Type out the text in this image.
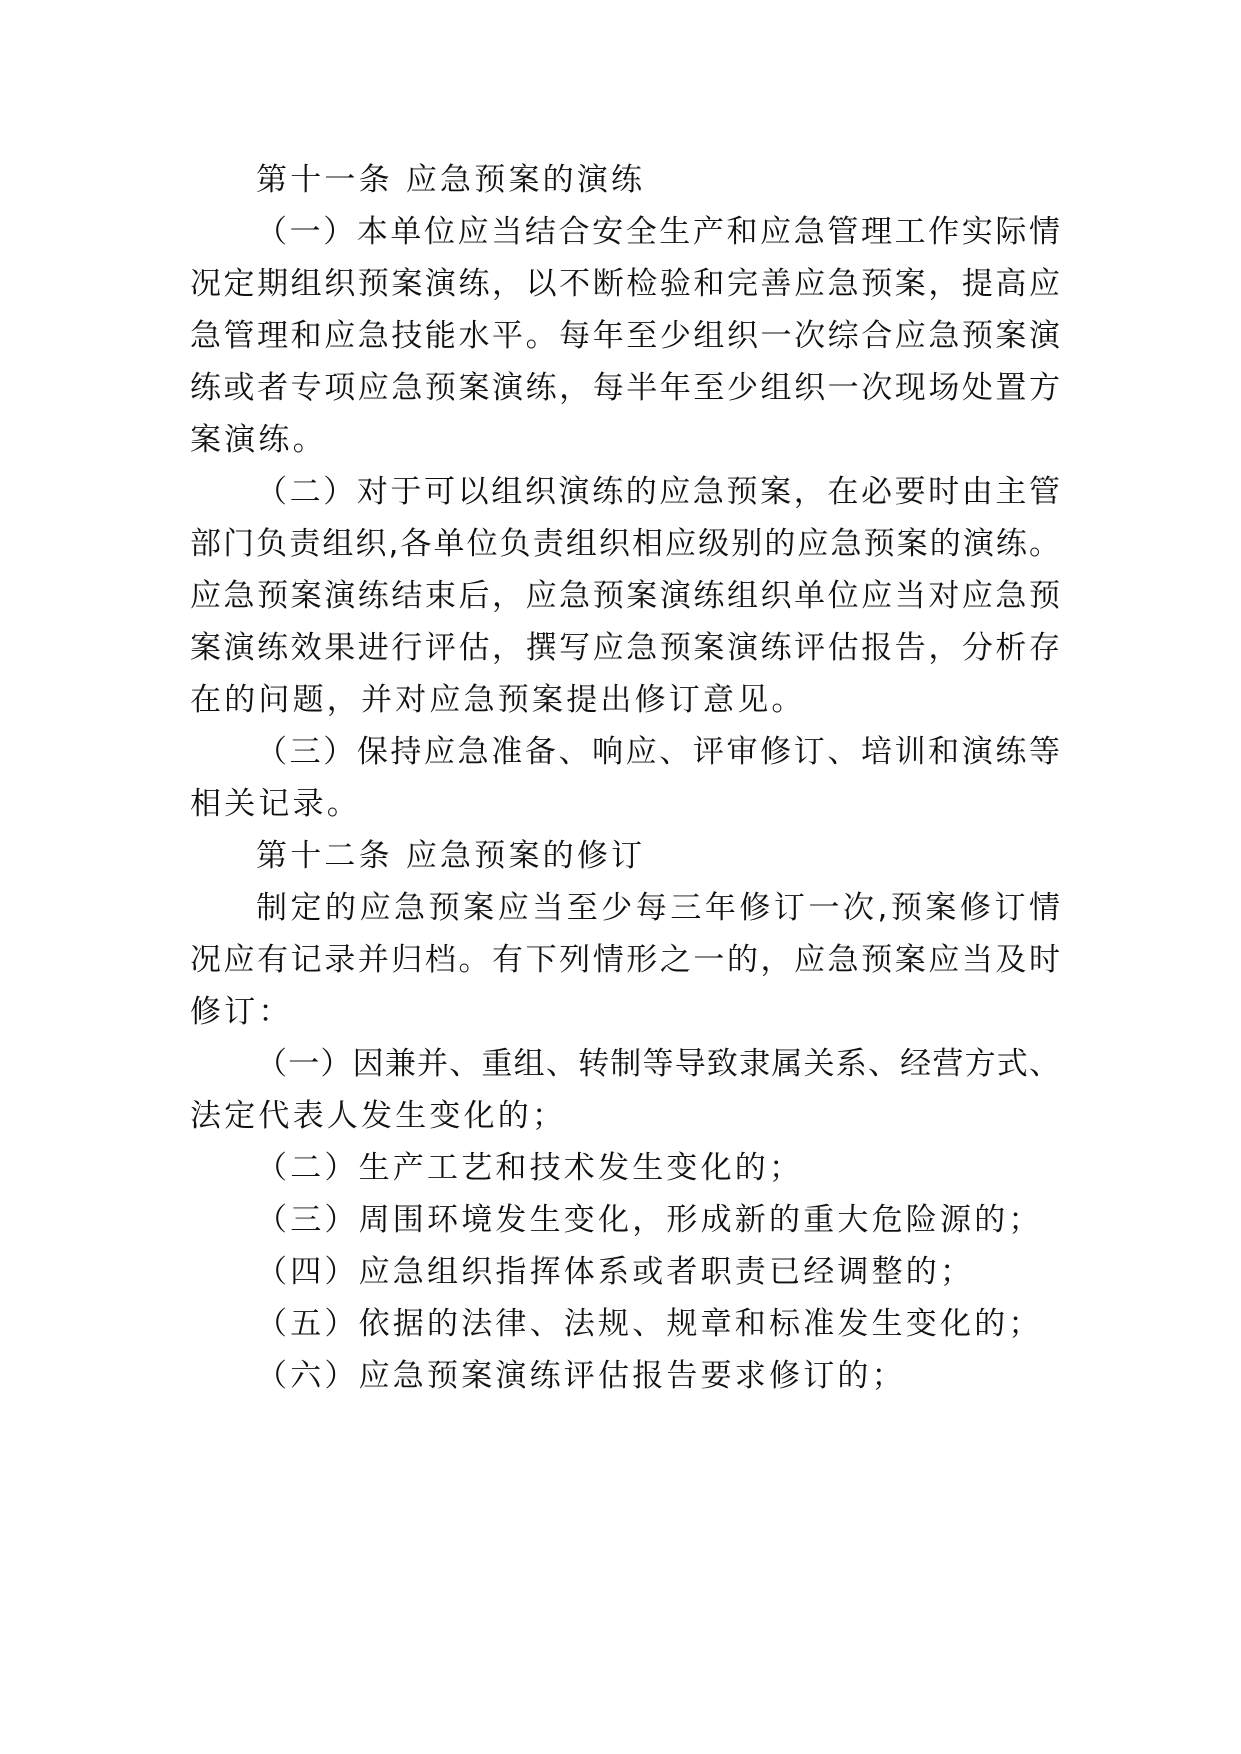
第十一条 应急预案的演练
（一）本单位应当结合安全生产和应急管理工作实际情
况定期组织预案演练，以不断检验和完善应急预案，提高应
急管理和应急技能水平。每年至少组织一次综合应急预案演
练或者专项应急预案演练，每半年至少组织一次现场处置方
案演练。
（二）对于可以组织演练的应急预案，在必要时由主管
部门负责组织,各单位负责组织相应级别的应急预案的演练。
应急预案演练结束后，应急预案演练组织单位应当对应急预
案演练效果进行评估，撰写应急预案演练评估报告，分析存
在的问题，并对应急预案提出修订意见。
（三）保持应急准备、响应、评审修订、培训和演练等
相关记录。
第十二条 应急预案的修订
制定的应急预案应当至少每三年修订一次,预案修订情
况应有记录并归档。有下列情形之一的，应急预案应当及时
修订：
（一）因兼并、重组、转制等导致隶属关系、经营方式、
法定代表人发生变化的；
（二）生产工艺和技术发生变化的；
（三）周围环境发生变化，形成新的重大危险源的；
（四）应急组织指挥体系或者职责已经调整的；
（五）依据的法律、法规、规章和标准发生变化的；
（六）应急预案演练评估报告要求修订的；
